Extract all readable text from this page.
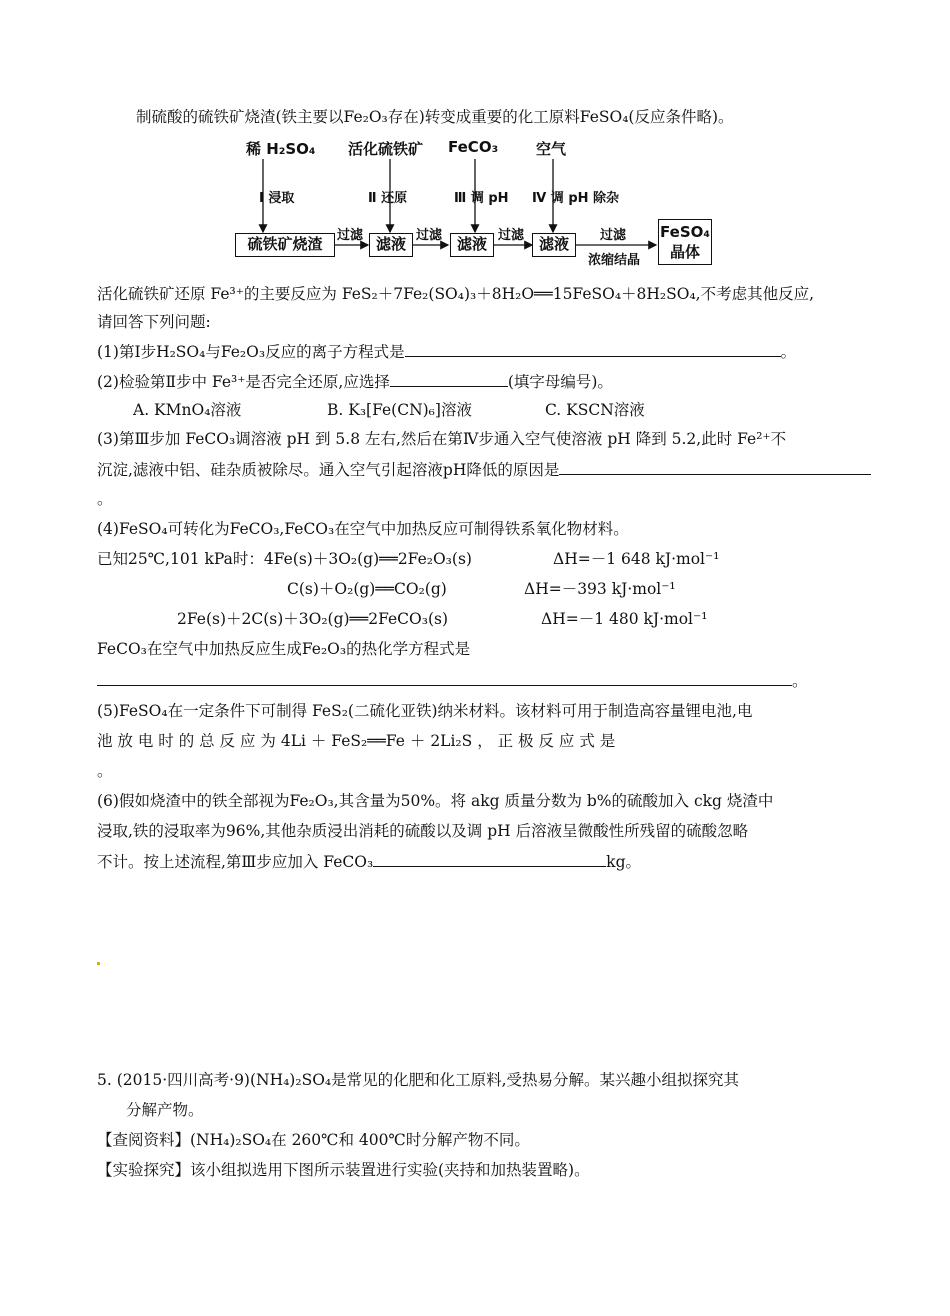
制硫酸的硫铁矿烧渣(铁主要以Fe₂O₃存在)转变成重要的化工原料FeSO₄(反应条件略)。
稀 H₂SO₄ 活化硫铁矿 FeCO₃	空气
Ⅰ 浸取	Ⅱ 还原	Ⅲ 调 pH Ⅳ 调 pH 除杂
硫铁矿烧渣	滤液	滤液	滤液
FeSO₄
晶体
过滤	过滤	过滤	过滤
浓缩结晶
活化硫铁矿还原 Fe³⁺的主要反应为 FeS₂＋7Fe₂(SO₄)₃＋8H₂O══15FeSO₄＋8H₂SO₄,不考虑其他反应,
请回答下列问题:
(1)第Ⅰ步H₂SO₄与Fe₂O₃反应的离子方程式是	。
(2)检验第Ⅱ步中 Fe³⁺是否完全还原,应选择	(填字母编号)。
A. KMnO₄溶液	B. K₃[Fe(CN)₆]溶液	C. KSCN溶液
(3)第Ⅲ步加 FeCO₃调溶液 pH 到 5.8 左右,然后在第Ⅳ步通入空气使溶液 pH 降到 5.2,此时 Fe²⁺不
沉淀,滤液中铝、硅杂质被除尽。通入空气引起溶液pH降低的原因是
。
(4)FeSO₄可转化为FeCO₃,FeCO₃在空气中加热反应可制得铁系氧化物材料。
已知25℃,101 kPa时：4Fe(s)＋3O₂(g)══2Fe₂O₃(s)	ΔH=－1 648 kJ·mol⁻¹
C(s)＋O₂(g)══CO₂(g)	ΔH=－393 kJ·mol⁻¹
2Fe(s)＋2C(s)＋3O₂(g)══2FeCO₃(s)	ΔH=－1 480 kJ·mol⁻¹
FeCO₃在空气中加热反应生成Fe₂O₃的热化学方程式是
。
(5)FeSO₄在一定条件下可制得 FeS₂(二硫化亚铁)纳米材料。该材料可用于制造高容量锂电池,电
池 放 电 时 的 总 反 应 为 4Li ＋ FeS₂══Fe ＋ 2Li₂S ， 正 极 反 应 式 是
。
(6)假如烧渣中的铁全部视为Fe₂O₃,其含量为50%。将 akg 质量分数为 b%的硫酸加入 ckg 烧渣中
浸取,铁的浸取率为96%,其他杂质浸出消耗的硫酸以及调 pH 后溶液呈微酸性所残留的硫酸忽略
不计。按上述流程,第Ⅲ步应加入 FeCO₃	kg。
5. (2015·四川高考·9)(NH₄)₂SO₄是常见的化肥和化工原料,受热易分解。某兴趣小组拟探究其
分解产物。
【查阅资料】(NH₄)₂SO₄在 260℃和 400℃时分解产物不同。
【实验探究】该小组拟选用下图所示装置进行实验(夹持和加热装置略)。
